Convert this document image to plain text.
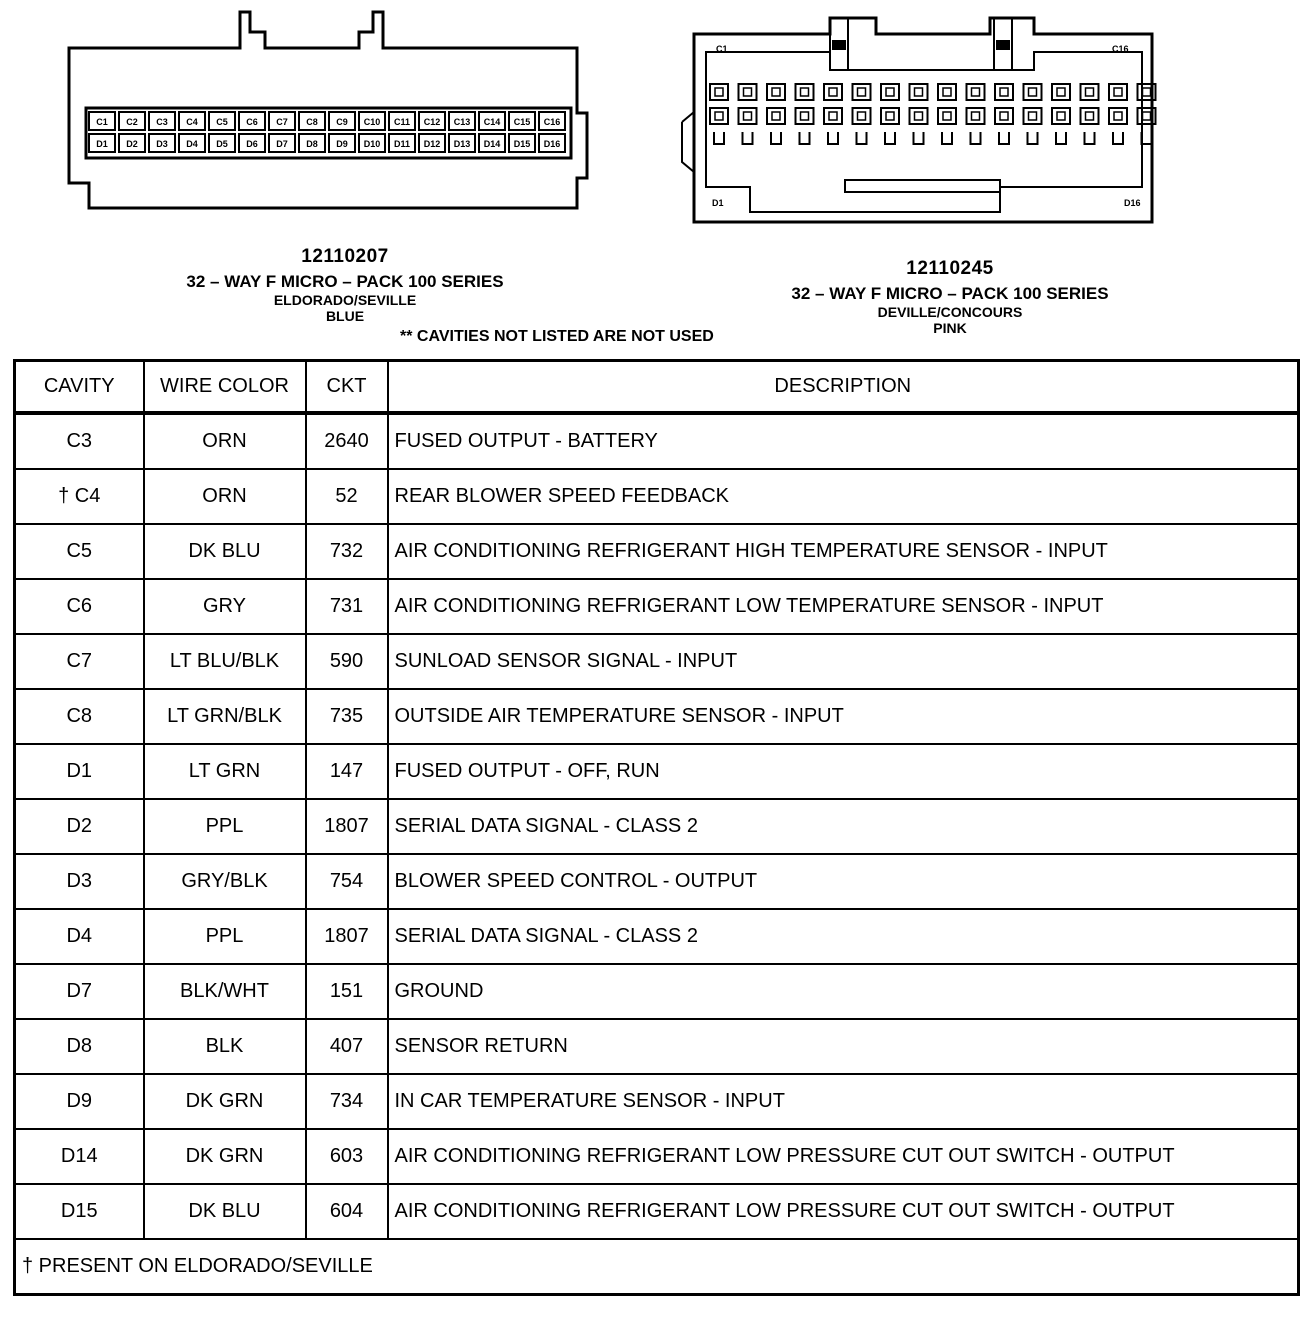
C1 C2 C3 C4 C5 C6 C7 C8 C9 C10 C11 C12 C13 C14 C15 C16
D1 D2 D3 D4 D5 D6 D7 D8 D9 D10 D11 D12 D13 D14 D15 D16
C1	C16
D1	D16
12110207
32 – WAY F MICRO – PACK 100 SERIES
ELDORADO/SEVILLE
BLUE
12110245
32 – WAY F MICRO – PACK 100 SERIES
DEVILLE/CONCOURS
PINK
** CAVITIES NOT LISTED ARE NOT USED
CAVITY	WIRE COLOR	CKT	DESCRIPTION
C3	ORN	2640	FUSED OUTPUT - BATTERY
† C4	ORN	52	REAR BLOWER SPEED FEEDBACK
C5	DK BLU	732	AIR CONDITIONING REFRIGERANT HIGH TEMPERATURE SENSOR - INPUT
C6	GRY	731	AIR CONDITIONING REFRIGERANT LOW TEMPERATURE SENSOR - INPUT
C7	LT BLU/BLK	590	SUNLOAD SENSOR SIGNAL - INPUT
C8	LT GRN/BLK	735	OUTSIDE AIR TEMPERATURE SENSOR - INPUT
D1	LT GRN	147	FUSED OUTPUT - OFF, RUN
D2	PPL	1807	SERIAL DATA SIGNAL - CLASS 2
D3	GRY/BLK	754	BLOWER SPEED CONTROL - OUTPUT
D4	PPL	1807	SERIAL DATA SIGNAL - CLASS 2
D7	BLK/WHT	151	GROUND
D8	BLK	407	SENSOR RETURN
D9	DK GRN	734	IN CAR TEMPERATURE SENSOR - INPUT
D14	DK GRN	603	AIR CONDITIONING REFRIGERANT LOW PRESSURE CUT OUT SWITCH - OUTPUT
D15	DK BLU	604	AIR CONDITIONING REFRIGERANT LOW PRESSURE CUT OUT SWITCH - OUTPUT
† PRESENT ON ELDORADO/SEVILLE			
